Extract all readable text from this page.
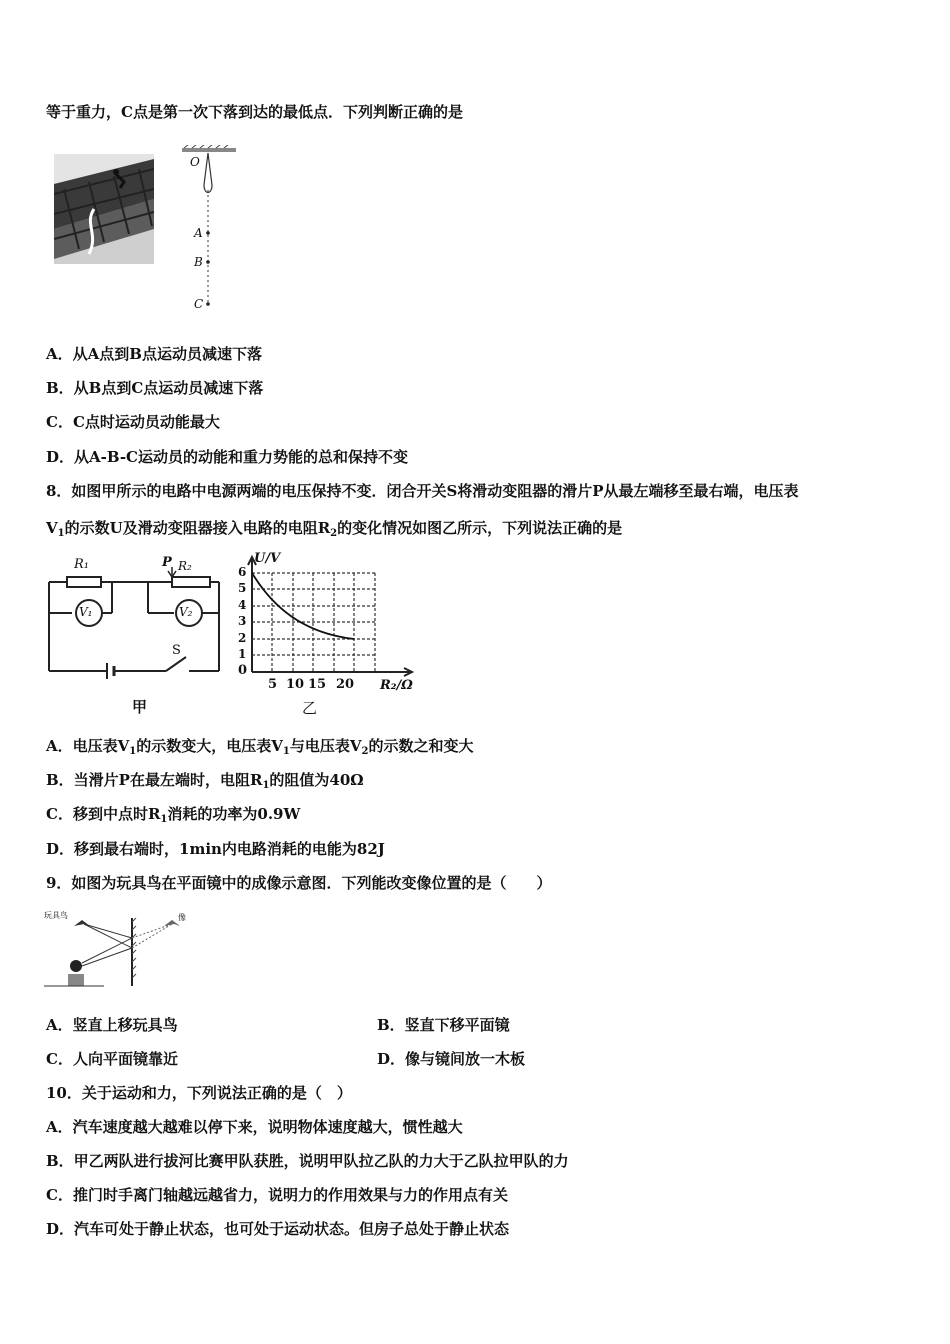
等于重力，C点是第一次下落到达的最低点．下列判断正确的是
O
A
B
C
A．从A点到B点运动员减速下落
B．从B点到C点运动员减速下落
C．C点时运动员动能最大
D．从A-B-C运动员的动能和重力势能的总和保持不变
8．如图甲所示的电路中电源两端的电压保持不变．闭合开关S将滑动变阻器的滑片P从最左端移至最右端，电压表
$V_1$的示数U及滑动变阻器接入电路的电阻$R_2$的变化情况如图乙所示，下列说法正确的是
R₁	P R₂
V₁	V₂
S
甲
U/V
0
1
2
3
4
5
6
5 10 15 20 R₂/Ω
乙
A．电压表$V_1$的示数变大，电压表$V_1$与电压表$V_2$的示数之和变大
B．当滑片P在最左端时，电阻$R_1$的阻值为40Ω
C．移到中点时$R_1$消耗的功率为0.9W
D．移到最右端时，1min内电路消耗的电能为82J
9．如图为玩具鸟在平面镜中的成像示意图．下列能改变像位置的是（　　）
玩具鸟	像
A．竖直上移玩具鸟	B．竖直下移平面镜
C．人向平面镜靠近	D．像与镜间放一木板
10．关于运动和力，下列说法正确的是（　）
A．汽车速度越大越难以停下来，说明物体速度越大，惯性越大
B．甲乙两队进行拔河比赛甲队获胜，说明甲队拉乙队的力大于乙队拉甲队的力
C．推门时手离门轴越远越省力，说明力的作用效果与力的作用点有关
D．汽车可处于静止状态，也可处于运动状态。但房子总处于静止状态
